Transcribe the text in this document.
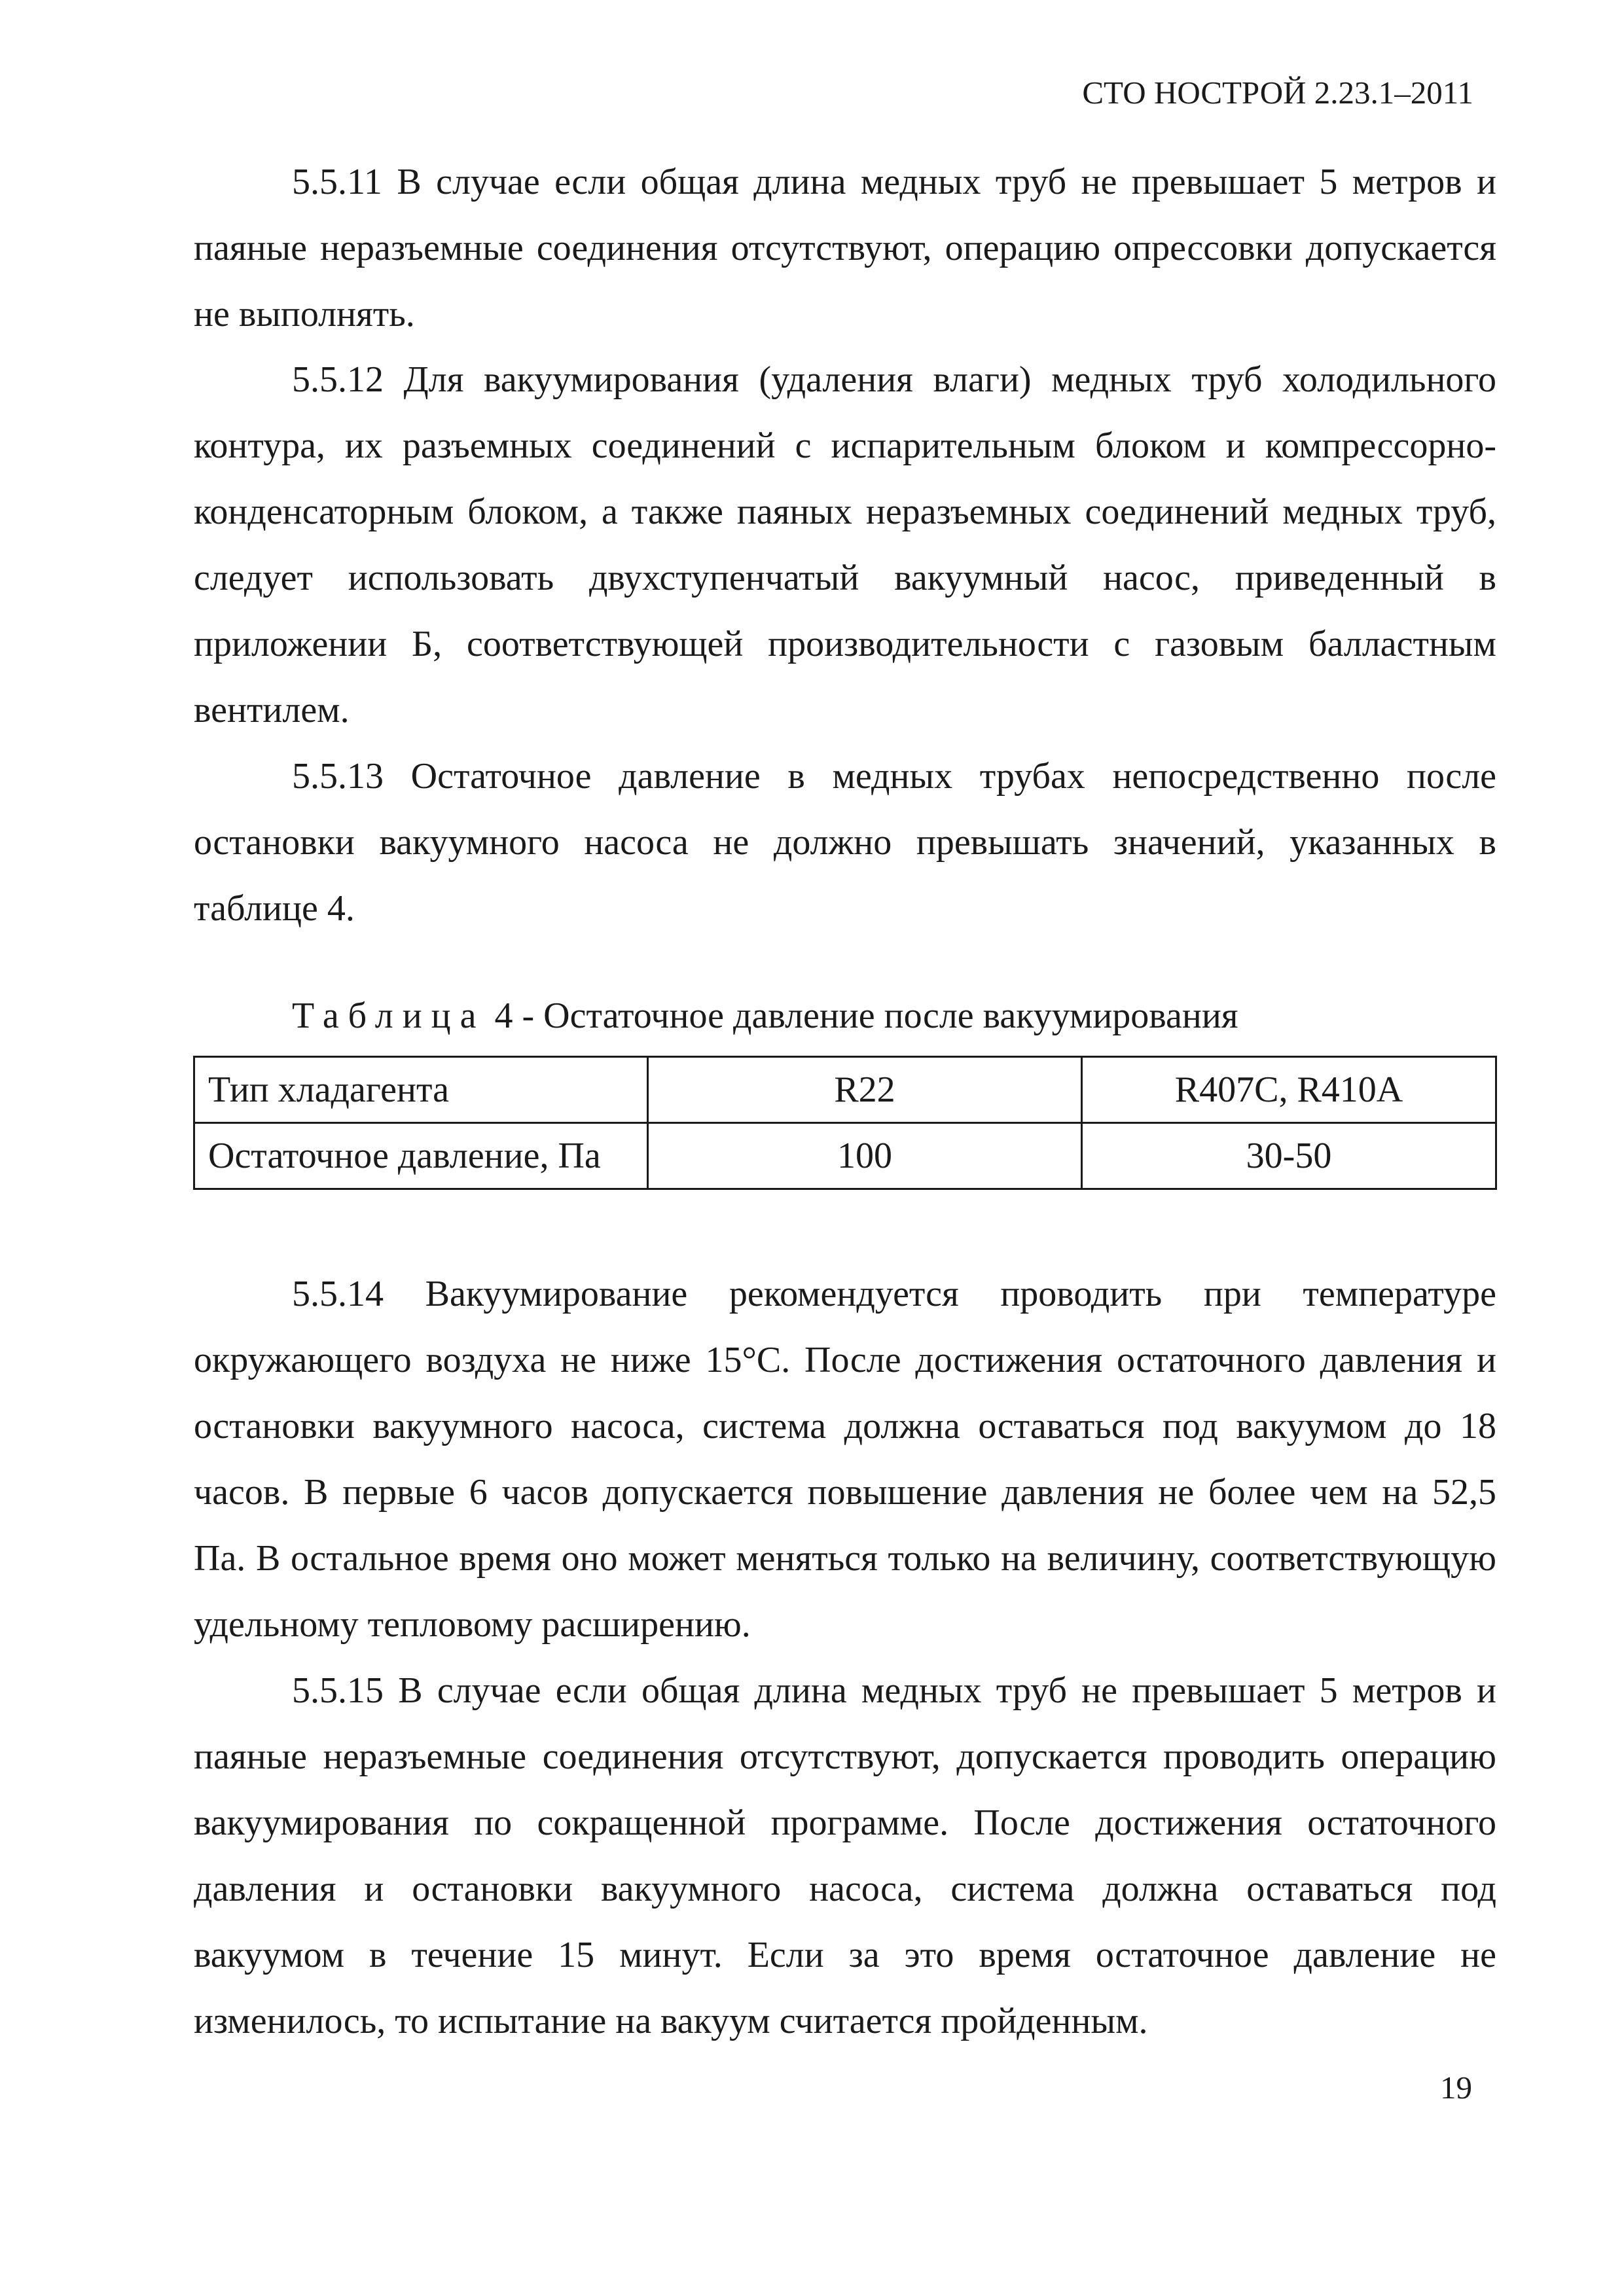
СТО НОСТРОЙ 2.23.1–2011

5.5.11 В случае если общая длина медных труб не превышает 5 метров и паяные неразъемные соединения отсутствуют, операцию опрессовки допускается не выполнять.

5.5.12 Для вакуумирования (удаления влаги) медных труб холодильного контура, их разъемных соединений с испарительным блоком и компрессорно-конденсаторным блоком, а также паяных неразъемных соединений медных труб, следует использовать двухступенчатый вакуумный насос, приведенный в приложении Б, соответствующей производительности с газовым балластным вентилем.

5.5.13 Остаточное давление в медных трубах непосредственно после остановки вакуумного насоса не должно превышать значений, указанных в таблице 4.

Таблица 4 - Остаточное давление после вакуумирования
Тип хладагента	R22	R407C, R410A
Остаточное давление, Па	100	30-50

5.5.14 Вакуумирование рекомендуется проводить при температуре окружающего воздуха не ниже 15°С. После достижения остаточного давления и остановки вакуумного насоса, система должна оставаться под вакуумом до 18 часов. В первые 6 часов допускается повышение давления не более чем на 52,5 Па. В остальное время оно может меняться только на величину, соответствующую удельному тепловому расширению.

5.5.15 В случае если общая длина медных труб не превышает 5 метров и паяные неразъемные соединения отсутствуют, допускается проводить операцию вакуумирования по сокращенной программе. После достижения остаточного давления и остановки вакуумного насоса, система должна оставаться под вакуумом в течение 15 минут. Если за это время остаточное давление не изменилось, то испытание на вакуум считается пройденным.

19
